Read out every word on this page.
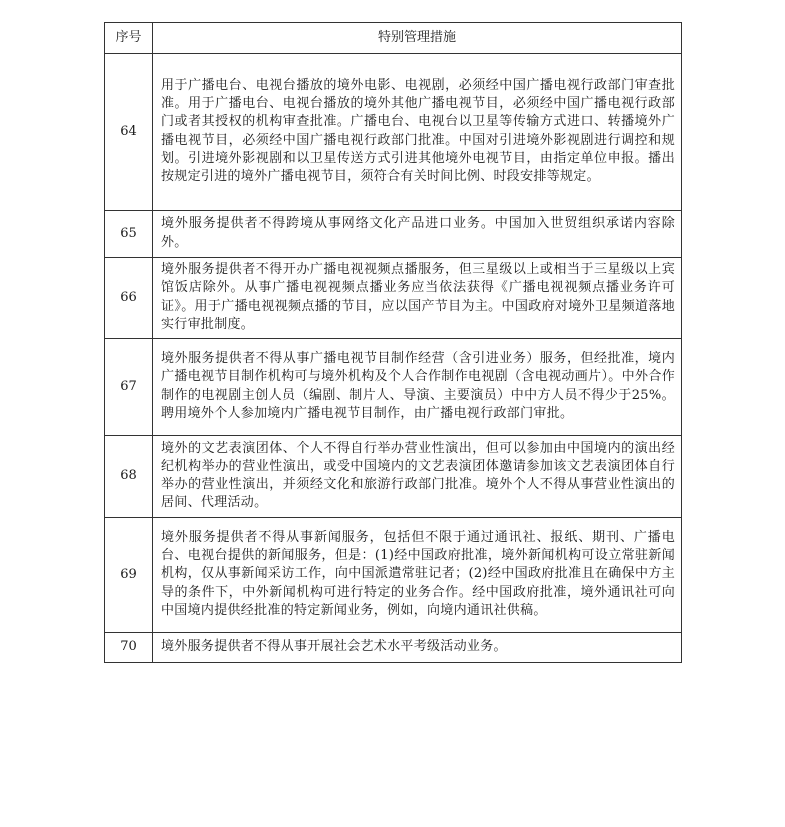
序号	特别管理措施
64	用于广播电台、电视台播放的境外电影、电视剧，必须经中国广播电视行政部门审查批准。用于广播电台、电视台播放的境外其他广播电视节目，必须经中国广播电视行政部门或者其授权的机构审查批准。广播电台、电视台以卫星等传输方式进口、转播境外广播电视节目，必须经中国广播电视行政部门批准。中国对引进境外影视剧进行调控和规划。引进境外影视剧和以卫星传送方式引进其他境外电视节目，由指定单位申报。播出按规定引进的境外广播电视节目，须符合有关时间比例、时段安排等规定。
65	境外服务提供者不得跨境从事网络文化产品进口业务。中国加入世贸组织承诺内容除外。
66	境外服务提供者不得开办广播电视视频点播服务，但三星级以上或相当于三星级以上宾馆饭店除外。从事广播电视视频点播业务应当依法获得《广播电视视频点播业务许可证》。用于广播电视视频点播的节目，应以国产节目为主。中国政府对境外卫星频道落地实行审批制度。
67	境外服务提供者不得从事广播电视节目制作经营（含引进业务）服务，但经批准，境内广播电视节目制作机构可与境外机构及个人合作制作电视剧（含电视动画片）。中外合作制作的电视剧主创人员（编剧、制片人、导演、主要演员）中中方人员不得少于25%。聘用境外个人参加境内广播电视节目制作，由广播电视行政部门审批。
68	境外的文艺表演团体、个人不得自行举办营业性演出，但可以参加由中国境内的演出经纪机构举办的营业性演出，或受中国境内的文艺表演团体邀请参加该文艺表演团体自行举办的营业性演出，并须经文化和旅游行政部门批准。境外个人不得从事营业性演出的居间、代理活动。
69	境外服务提供者不得从事新闻服务，包括但不限于通过通讯社、报纸、期刊、广播电台、电视台提供的新闻服务，但是：(1)经中国政府批准，境外新闻机构可设立常驻新闻机构，仅从事新闻采访工作，向中国派遣常驻记者；(2)经中国政府批准且在确保中方主导的条件下，中外新闻机构可进行特定的业务合作。经中国政府批准，境外通讯社可向中国境内提供经批准的特定新闻业务，例如，向境内通讯社供稿。
70	境外服务提供者不得从事开展社会艺术水平考级活动业务。
